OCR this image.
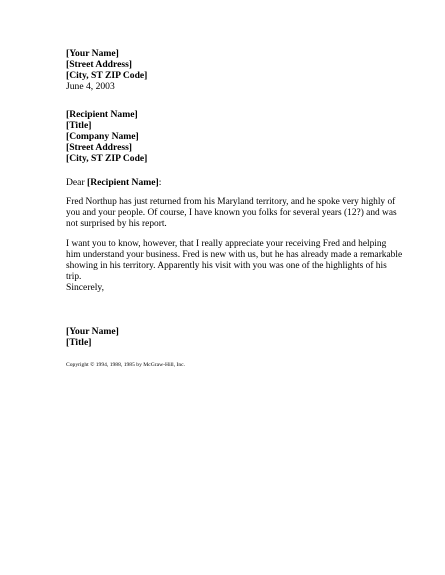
[Your Name]
[Street Address]
[City, ST ZIP Code]
June 4, 2003
[Recipient Name]
[Title]
[Company Name]
[Street Address]
[City, ST ZIP Code]
Dear [Recipient Name]:
Fred Northup has just returned from his Maryland territory, and he spoke very highly of
you and your people. Of course, I have known you folks for several years (12?) and was
not surprised by his report.
I want you to know, however, that I really appreciate your receiving Fred and helping
him understand your business. Fred is new with us, but he has already made a remarkable
showing in his territory. Apparently his visit with you was one of the highlights of his
trip.
Sincerely,
[Your Name]
[Title]
Copyright © 1994, 1988, 1985 by McGraw-Hill, Inc.
